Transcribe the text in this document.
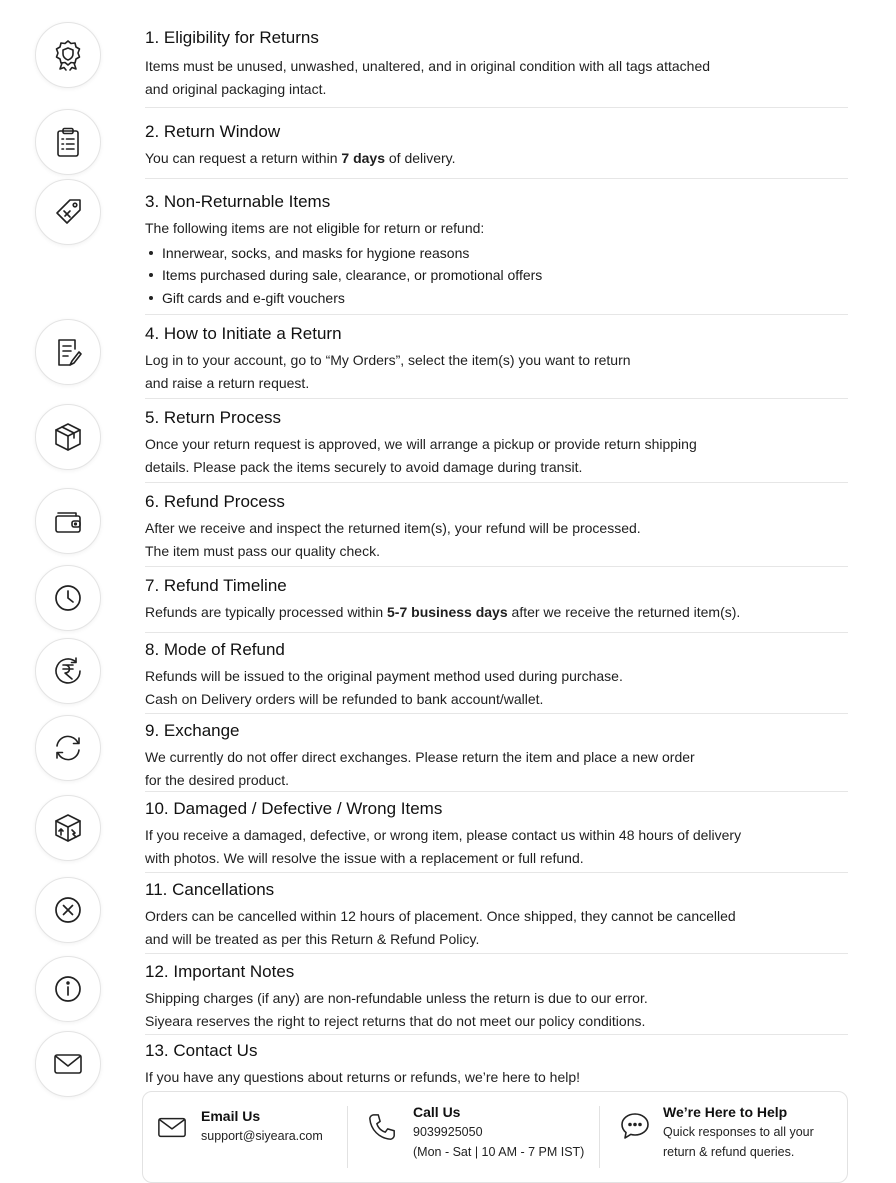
1. Eligibility for Returns

Items must be unused, unwashed, unaltered, and in original condition with all tags attached
and original packaging intact.

2. Return Window

You can request a return within 7 days of delivery.

3. Non-Returnable Items

The following items are not eligible for return or refund:

Innerwear, socks, and masks for hygione reasons
Items purchased during sale, clearance, or promotional offers
Gift cards and e-gift vouchers

4. How to Initiate a Return

Log in to your account, go to “My Orders”, select the item(s) you want to return
and raise a return request.

5. Return Process

Once your return request is approved, we will arrange a pickup or provide return shipping
details. Please pack the items securely to avoid damage during transit.

6. Refund Process

After we receive and inspect the returned item(s), your refund will be processed.
The item must pass our quality check.

7. Refund Timeline

Refunds are typically processed within 5-7 business days after we receive the returned item(s).

8. Mode of Refund

Refunds will be issued to the original payment method used during purchase.
Cash on Delivery orders will be refunded to bank account/wallet.

9. Exchange

We currently do not offer direct exchanges. Please return the item and place a new order
for the desired product.

10. Damaged / Defective / Wrong Items

If you receive a damaged, defective, or wrong item, please contact us within 48 hours of delivery
with photos. We will resolve the issue with a replacement or full refund.

11. Cancellations

Orders can be cancelled within 12 hours of placement. Once shipped, they cannot be cancelled
and will be treated as per this Return & Refund Policy.

12. Important Notes

Shipping charges (if any) are non-refundable unless the return is due to our error.
Siyeara reserves the right to reject returns that do not meet our policy conditions.

13. Contact Us

If you have any questions about returns or refunds, we’re here to help!

Email Us
support@siyeara.com
Call Us
9039925050
(Mon - Sat | 10 AM - 7 PM IST)
We’re Here to Help
Quick responses to all your
return & refund queries.
